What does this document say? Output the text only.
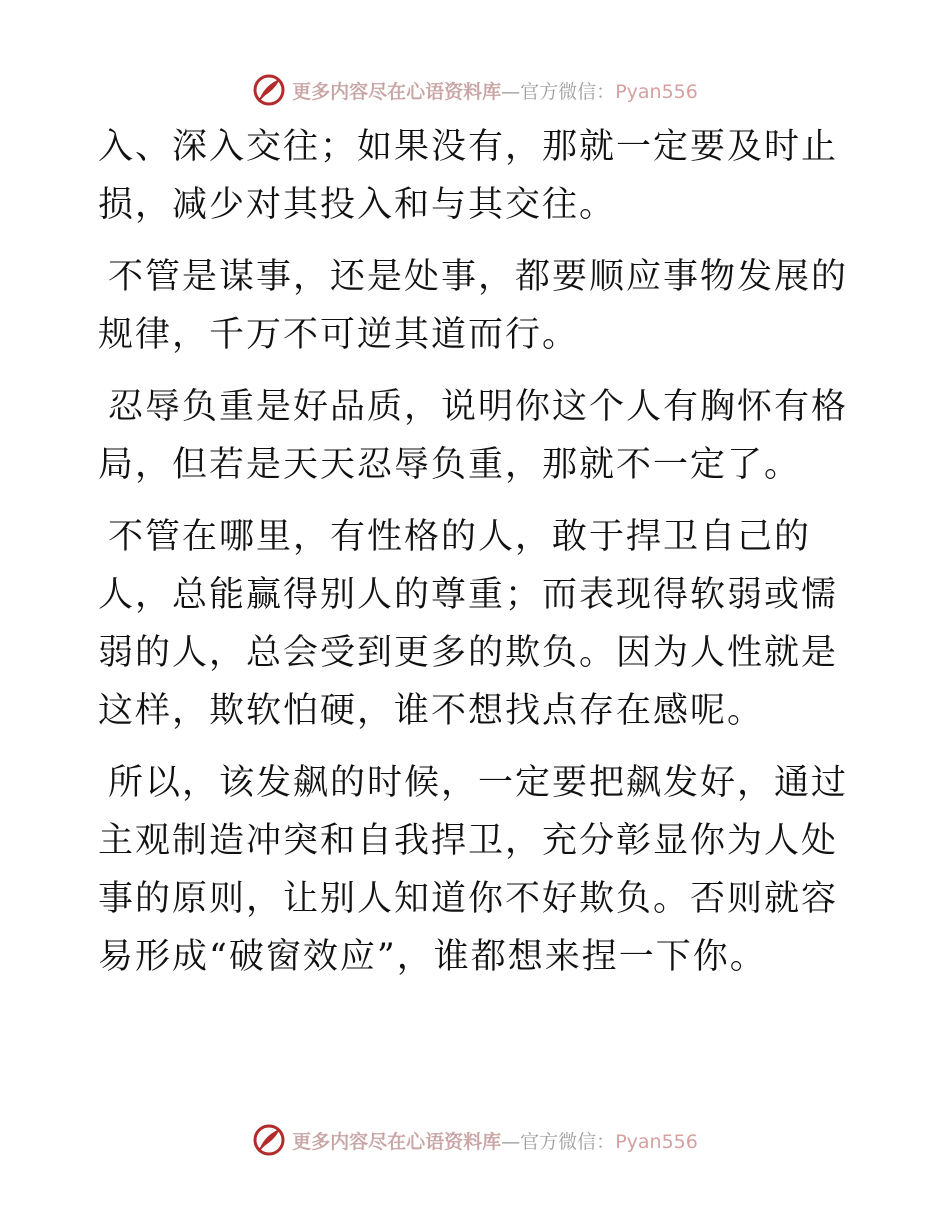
更多内容尽在心语资料库—官方微信：Pyan556

入、深入交往；如果没有，那就一定要及时止损，减少对其投入和与其交往。

不管是谋事，还是处事，都要顺应事物发展的规律，千万不可逆其道而行。

忍辱负重是好品质，说明你这个人有胸怀有格局，但若是天天忍辱负重，那就不一定了。

不管在哪里，有性格的人，敢于捍卫自己的人，总能赢得别人的尊重；而表现得软弱或懦弱的人，总会受到更多的欺负。因为人性就是这样，欺软怕硬，谁不想找点存在感呢。

所以，该发飙的时候，一定要把飙发好，通过主观制造冲突和自我捍卫，充分彰显你为人处事的原则，让别人知道你不好欺负。否则就容易形成“破窗效应”，谁都想来捏一下你。

更多内容尽在心语资料库—官方微信：Pyan556
